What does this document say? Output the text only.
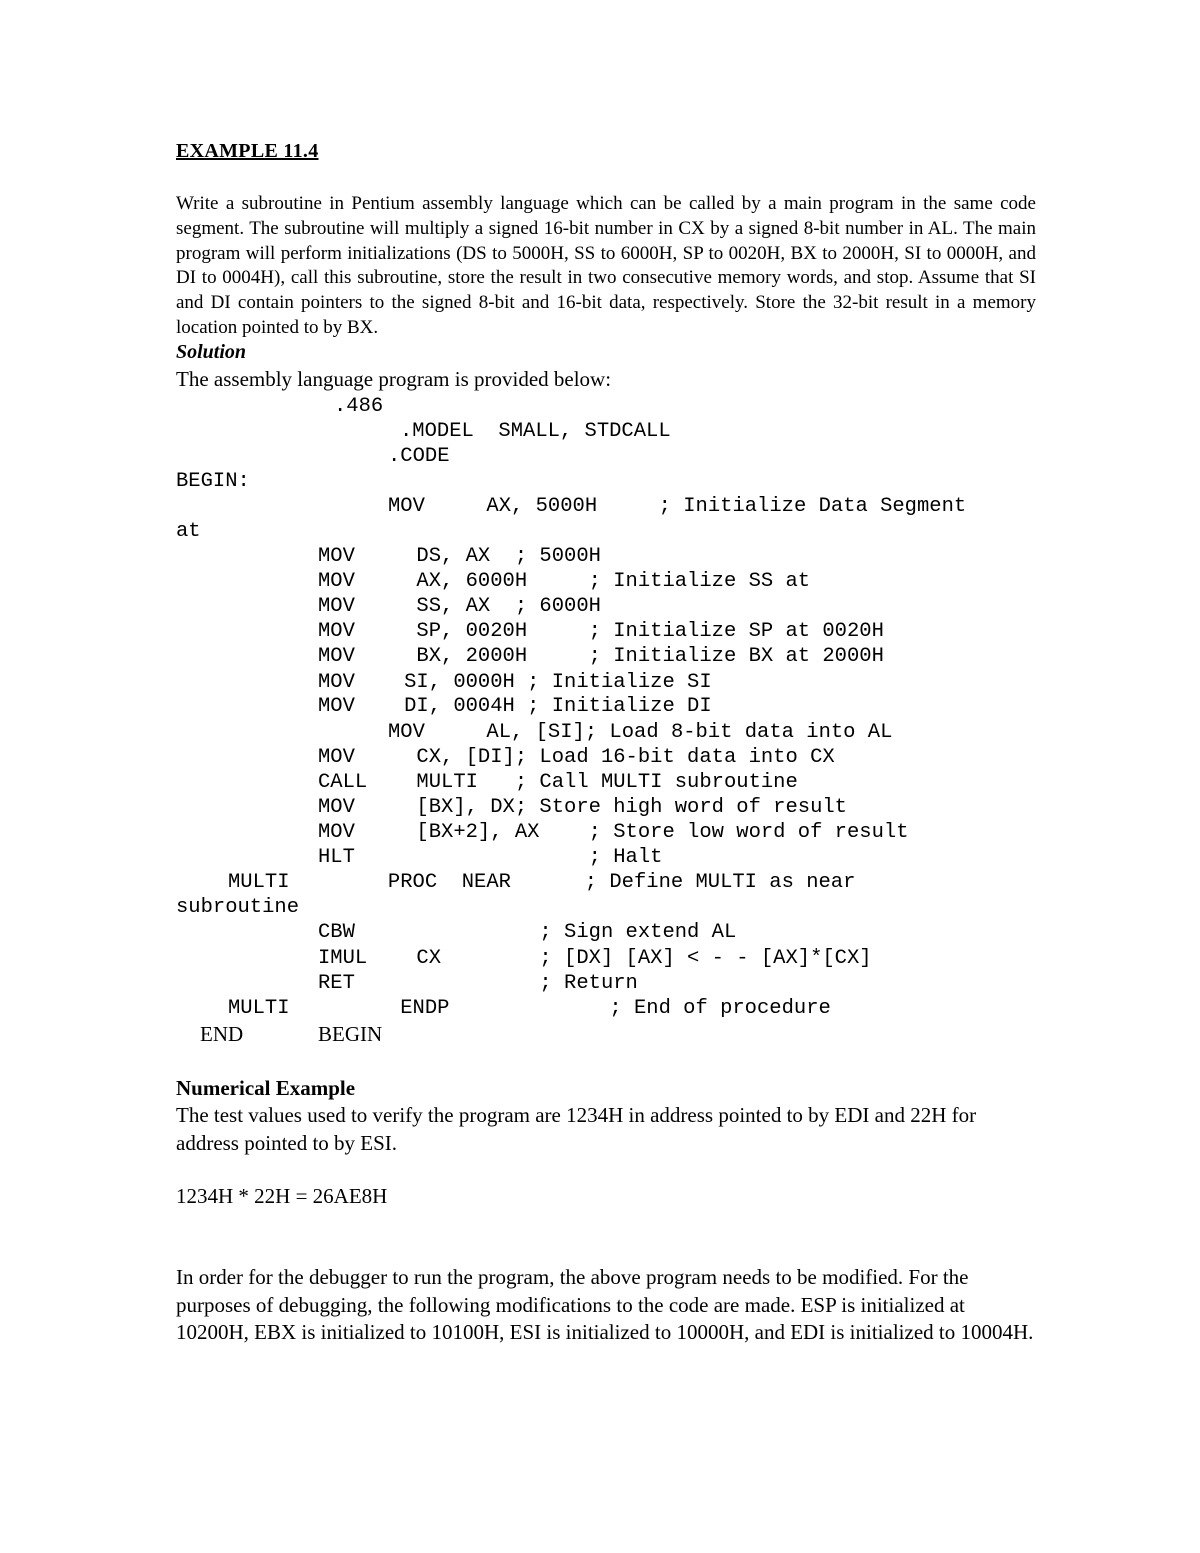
EXAMPLE 11.4

Write a subroutine in Pentium assembly language which can be called by a main program in the same code segment. The subroutine will multiply a signed 16-bit number in CX by a signed 8-bit number in AL. The main program will perform initializations (DS to 5000H, SS to 6000H, SP to 0020H, BX to 2000H, SI to 0000H, and DI to 0004H), call this subroutine, store the result in two consecutive memory words, and stop. Assume that SI and DI contain pointers to the signed 8-bit and 16-bit data, respectively. Store the 32-bit result in a memory location pointed to by BX.

Solution
The assembly language program is provided below:

.486

.MODEL  SMALL, STDCALL

.CODE

BEGIN:

MOV     AX, 5000H     ; Initialize Data Segment

at

MOV     DS, AX  ; 5000H

MOV     AX, 6000H     ; Initialize SS at

MOV     SS, AX  ; 6000H

MOV     SP, 0020H     ; Initialize SP at 0020H

MOV     BX, 2000H     ; Initialize BX at 2000H

MOV    SI, 0000H ; Initialize SI

MOV    DI, 0004H ; Initialize DI

MOV     AL, [SI]; Load 8-bit data into AL

MOV     CX, [DI]; Load 16-bit data into CX

CALL    MULTI   ; Call MULTI subroutine

MOV     [BX], DX; Store high word of result

MOV     [BX+2], AX    ; Store low word of result

HLT                   ; Halt

MULTI        PROC  NEAR      ; Define MULTI as near

subroutine

CBW               ; Sign extend AL

IMUL    CX        ; [DX] [AX] < - - [AX]*[CX]

RET               ; Return

MULTI         ENDP             ; End of procedure

END

	BEGIN

Numerical Example

The test values used to verify the program are 1234H in address pointed to by EDI and 22H for address pointed to by ESI.

1234H * 22H = 26AE8H

In order for the debugger to run the program, the above program needs to be modified. For the purposes of debugging, the following modifications to the code are made. ESP is initialized at 10200H, EBX is initialized to 10100H, ESI is initialized to 10000H, and EDI is initialized to 10004H.
